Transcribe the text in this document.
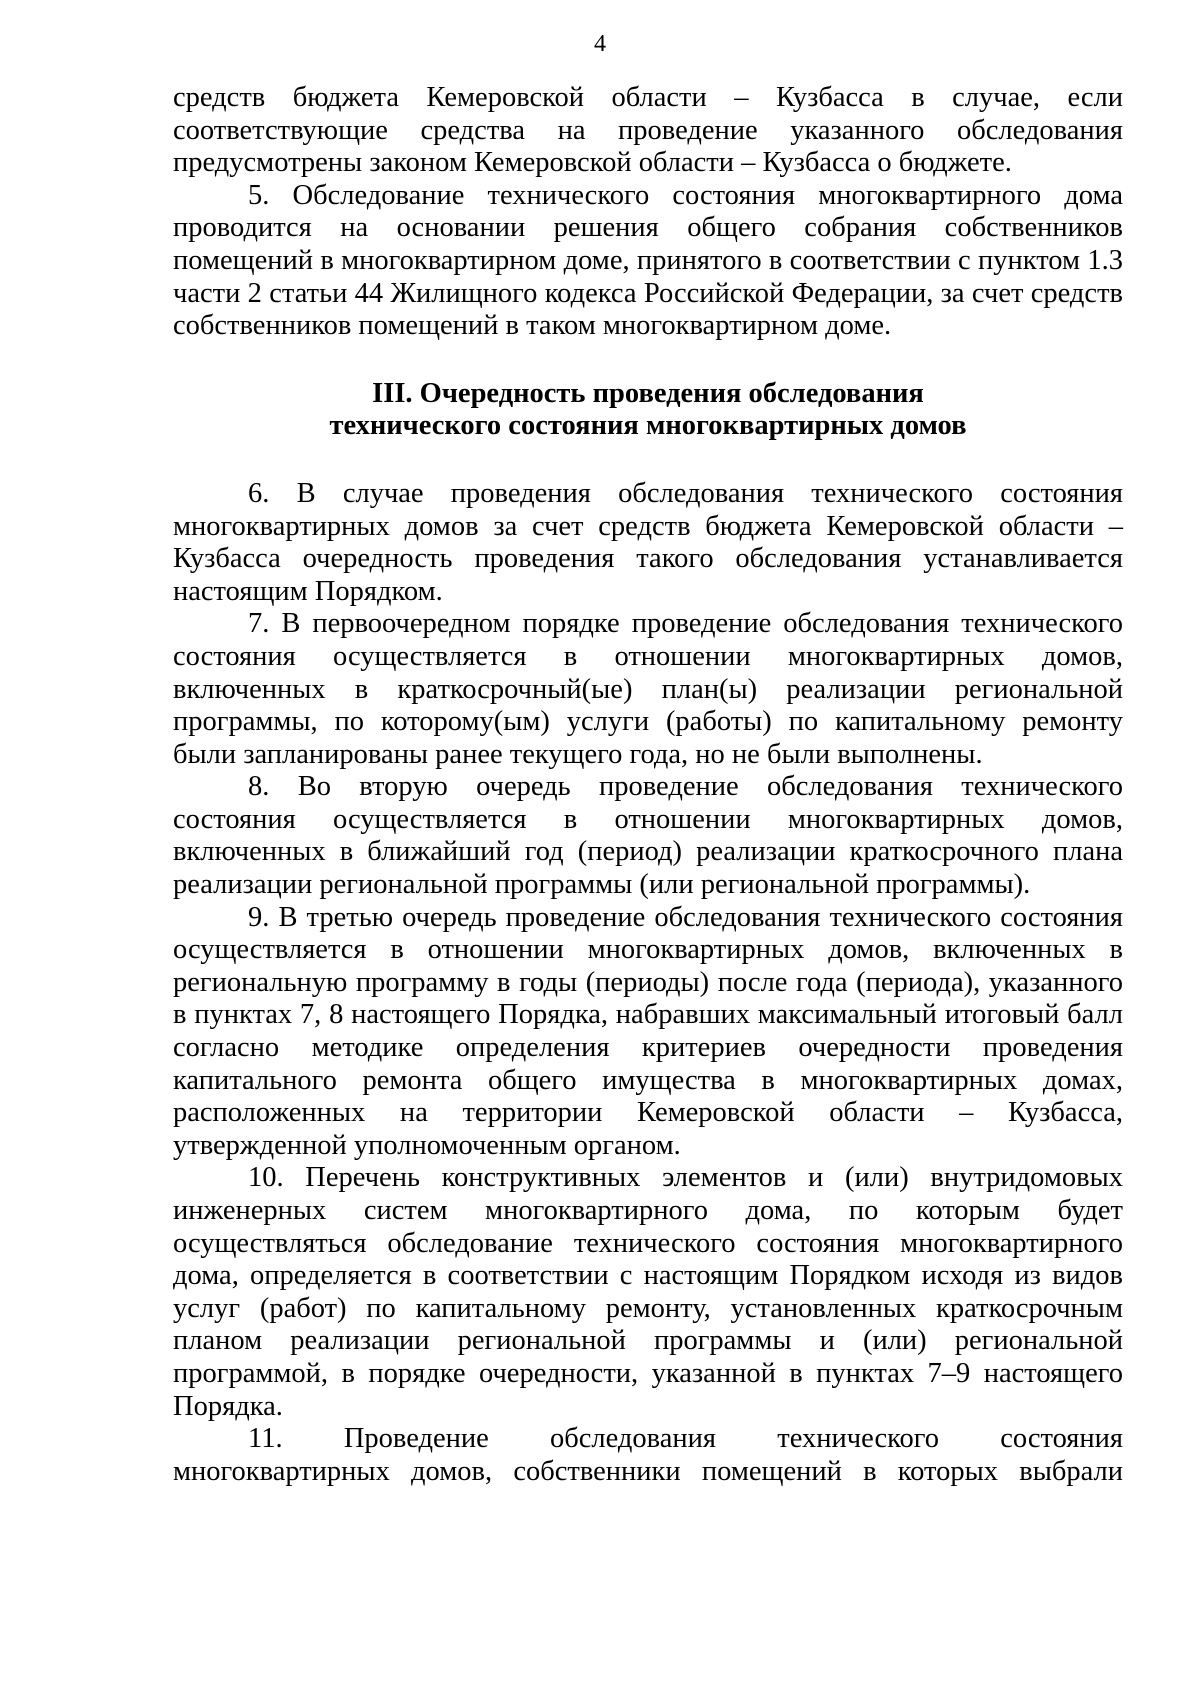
4

средств бюджета Кемеровской области – Кузбасса в случае, если соответствующие средства на проведение указанного обследования предусмотрены законом Кемеровской области – Кузбасса о бюджете.

5. Обследование технического состояния многоквартирного дома проводится на основании решения общего собрания собственников помещений в многоквартирном доме, принятого в соответствии с пунктом 1.3 части 2 статьи 44 Жилищного кодекса Российской Федерации, за счет средств собственников помещений в таком многоквартирном доме.

III. Очередность проведения обследования
технического состояния многоквартирных домов

6. В случае проведения обследования технического состояния многоквартирных домов за счет средств бюджета Кемеровской области – Кузбасса очередность проведения такого обследования устанавливается настоящим Порядком.

7. В первоочередном порядке проведение обследования технического состояния осуществляется в отношении многоквартирных домов, включенных в краткосрочный(ые) план(ы) реализации региональной программы, по которому(ым) услуги (работы) по капитальному ремонту были запланированы ранее текущего года, но не были выполнены.

8. Во вторую очередь проведение обследования технического состояния осуществляется в отношении многоквартирных домов, включенных в ближайший год (период) реализации краткосрочного плана реализации региональной программы (или региональной программы).

9. В третью очередь проведение обследования технического состояния осуществляется в отношении многоквартирных домов, включенных в региональную программу в годы (периоды) после года (периода), указанного в пунктах 7, 8 настоящего Порядка, набравших максимальный итоговый балл согласно методике определения критериев очередности проведения капитального ремонта общего имущества в многоквартирных домах, расположенных на территории Кемеровской области – Кузбасса, утвержденной уполномоченным органом.

10. Перечень конструктивных элементов и (или) внутридомовых инженерных систем многоквартирного дома, по которым будет осуществляться обследование технического состояния многоквартирного дома, определяется в соответствии с настоящим Порядком исходя из видов услуг (работ) по капитальному ремонту, установленных краткосрочным планом реализации региональной программы и (или) региональной программой, в порядке очередности, указанной в пунктах 7–9 настоящего Порядка.

11. Проведение обследования технического состояния многоквартирных домов, собственники помещений в которых выбрали
